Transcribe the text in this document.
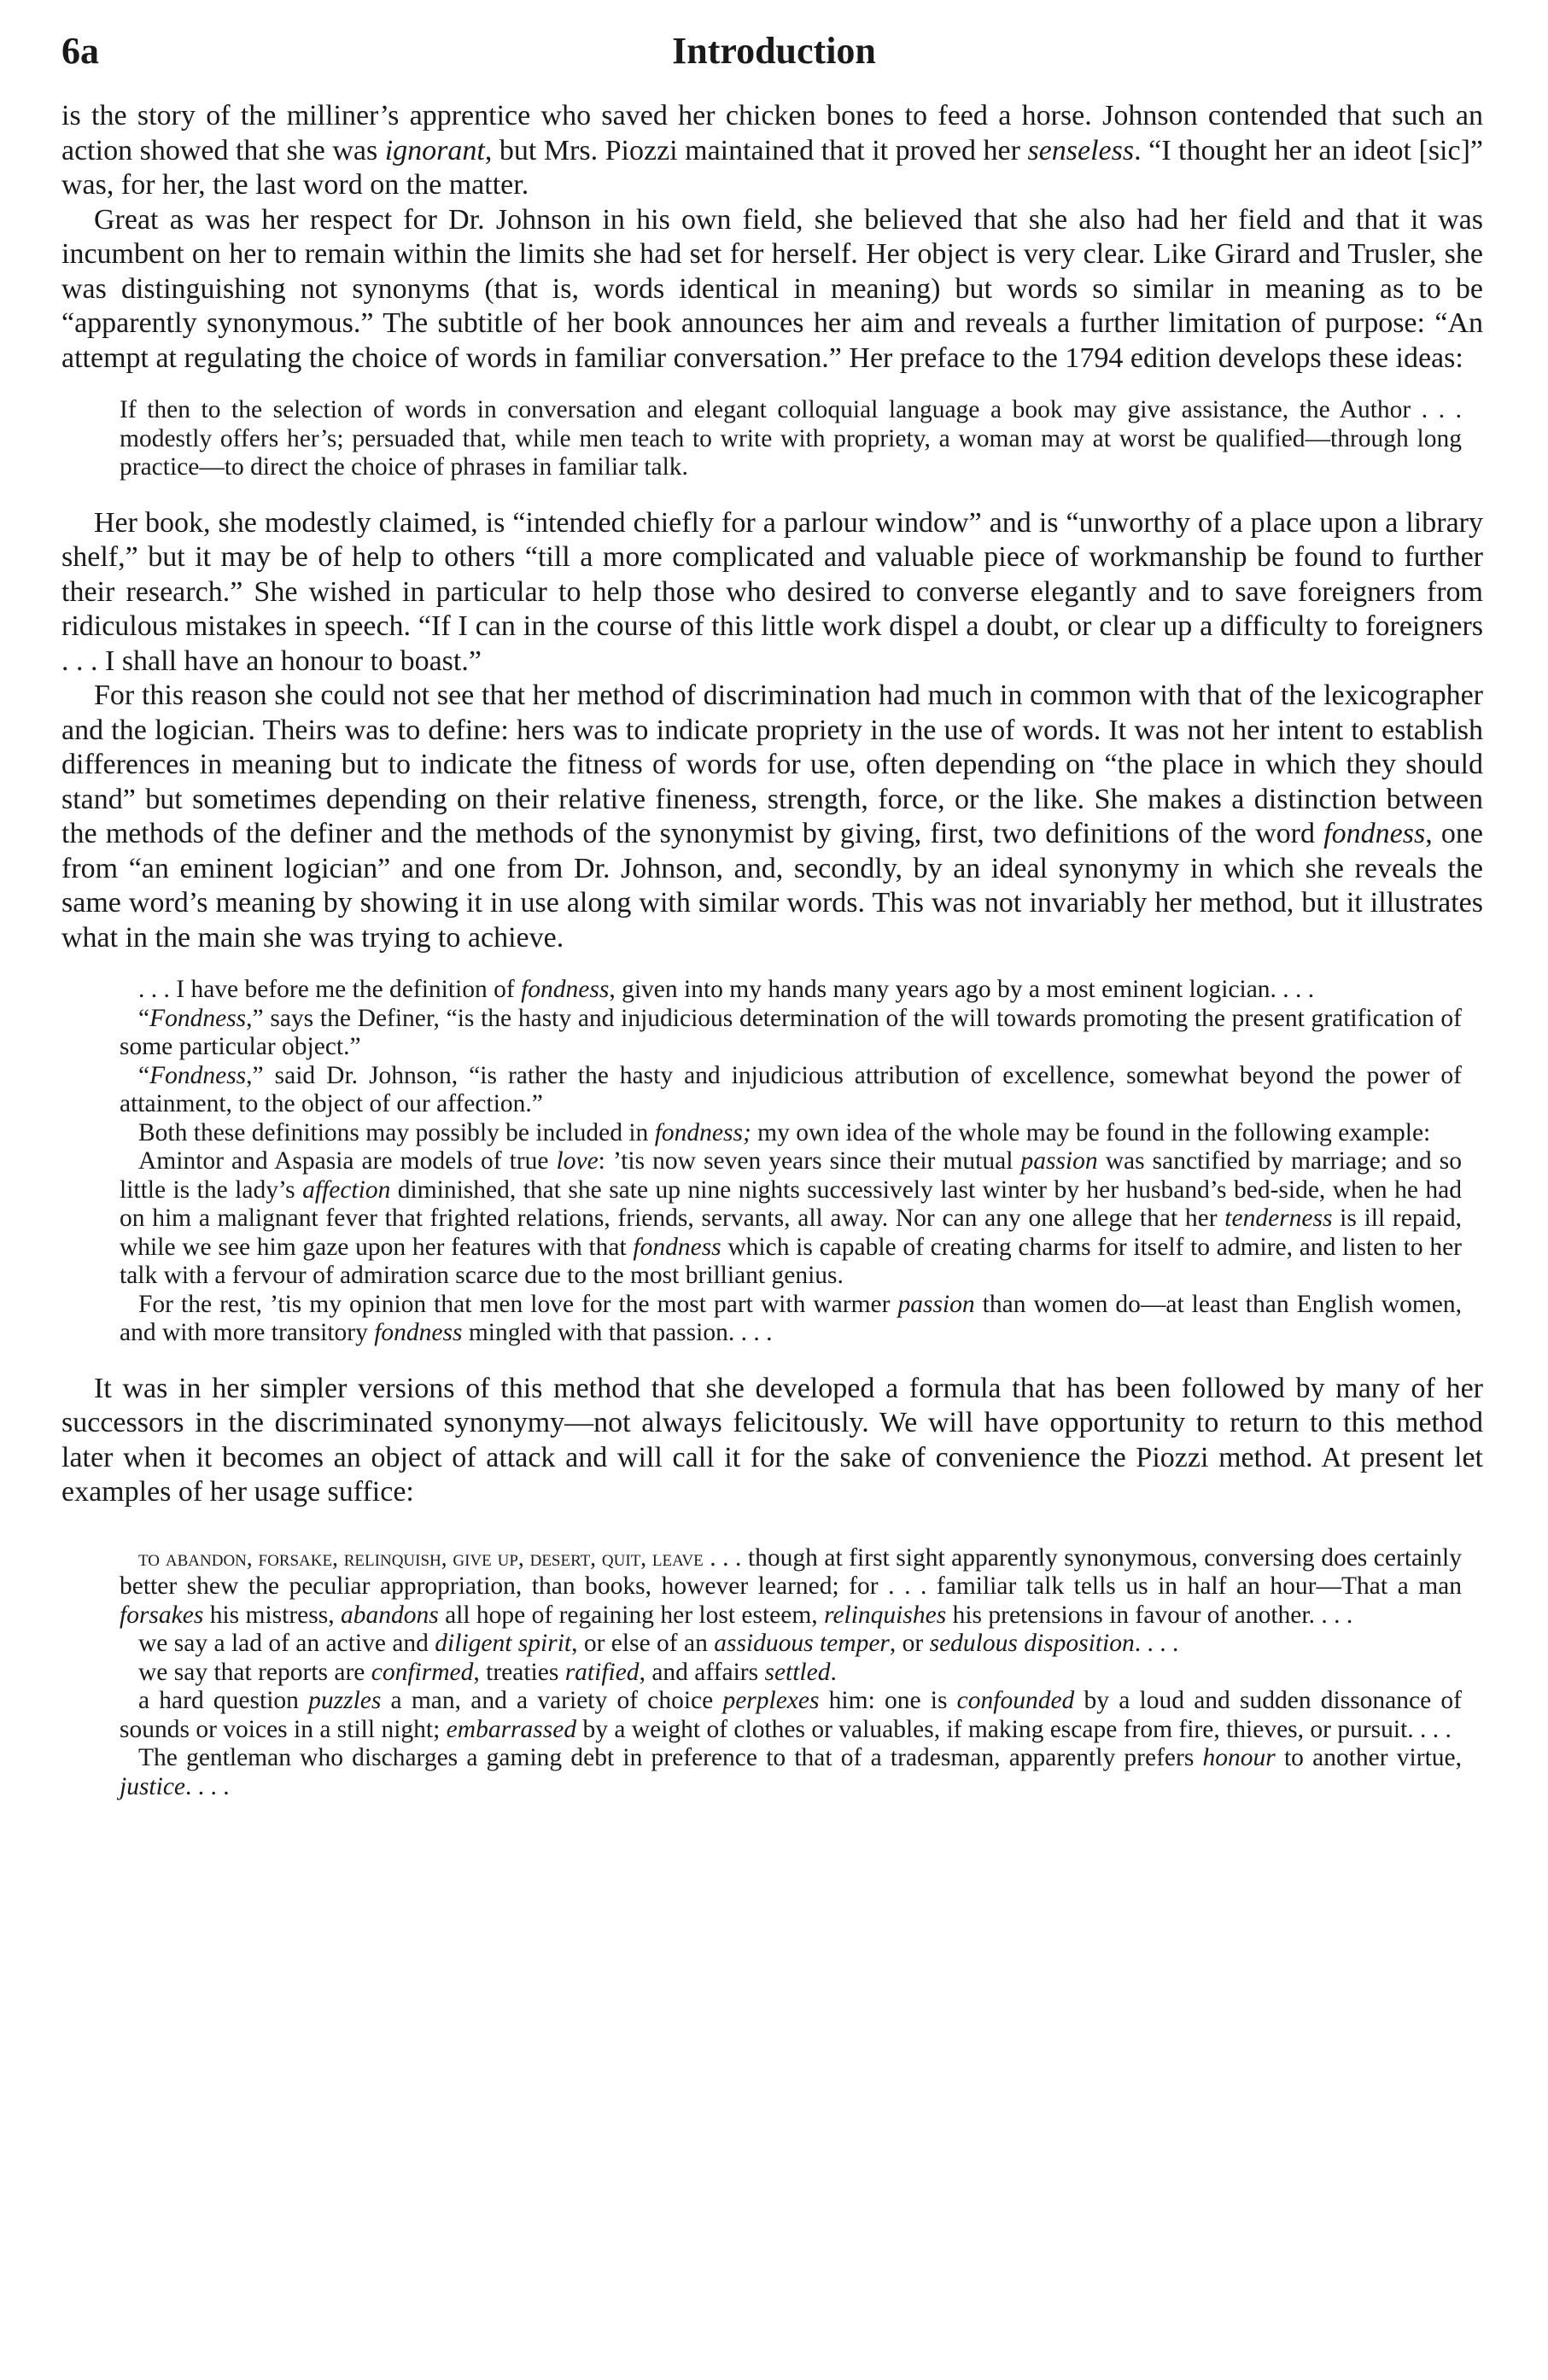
6a	Introduction

is the story of the milliner’s apprentice who saved her chicken bones to feed a horse. Johnson contended that such an action showed that she was ignorant, but Mrs. Piozzi maintained that it proved her senseless. “I thought her an ideot [sic]” was, for her, the last word on the matter.

Great as was her respect for Dr. Johnson in his own field, she believed that she also had her field and that it was incumbent on her to remain within the limits she had set for herself. Her object is very clear. Like Girard and Trusler, she was distinguishing not synonyms (that is, words identical in meaning) but words so similar in meaning as to be “apparently synonymous.” The subtitle of her book announces her aim and reveals a further limitation of purpose: “An attempt at regulating the choice of words in familiar conversation.” Her preface to the 1794 edition develops these ideas:

If then to the selection of words in conversation and elegant colloquial language a book may give assistance, the Author . . . modestly offers her’s; persuaded that, while men teach to write with propriety, a woman may at worst be qualified—through long practice—to direct the choice of phrases in familiar talk.

Her book, she modestly claimed, is “intended chiefly for a parlour window” and is “unworthy of a place upon a library shelf,” but it may be of help to others “till a more complicated and valuable piece of workmanship be found to further their research.” She wished in particular to help those who desired to converse elegantly and to save foreigners from ridiculous mistakes in speech. “If I can in the course of this little work dispel a doubt, or clear up a difficulty to foreigners . . . I shall have an honour to boast.”

For this reason she could not see that her method of discrimination had much in common with that of the lexicographer and the logician. Theirs was to define: hers was to indicate propriety in the use of words. It was not her intent to establish differences in meaning but to indicate the fitness of words for use, often depending on “the place in which they should stand” but sometimes depending on their relative fineness, strength, force, or the like. She makes a distinction between the methods of the definer and the methods of the synonymist by giving, first, two definitions of the word fondness, one from “an eminent logician” and one from Dr. Johnson, and, secondly, by an ideal synonymy in which she reveals the same word’s meaning by showing it in use along with similar words. This was not invariably her method, but it illustrates what in the main she was trying to achieve.

. . . I have before me the definition of fondness, given into my hands many years ago by a most eminent logician. . . .

“Fondness,” says the Definer, “is the hasty and injudicious determination of the will towards promoting the present gratification of some particular object.”

“Fondness,” said Dr. Johnson, “is rather the hasty and injudicious attribution of excellence, somewhat beyond the power of attainment, to the object of our affection.”

Both these definitions may possibly be included in fondness; my own idea of the whole may be found in the following example:

Amintor and Aspasia are models of true love: ’tis now seven years since their mutual passion was sanctified by marriage; and so little is the lady’s affection diminished, that she sate up nine nights successively last winter by her husband’s bed-side, when he had on him a malignant fever that frighted relations, friends, servants, all away. Nor can any one allege that her tenderness is ill repaid, while we see him gaze upon her features with that fondness which is capable of creating charms for itself to admire, and listen to her talk with a fervour of admiration scarce due to the most brilliant genius.

For the rest, ’tis my opinion that men love for the most part with warmer passion than women do—at least than English women, and with more transitory fondness mingled with that passion. . . .

It was in her simpler versions of this method that she developed a formula that has been followed by many of her successors in the discriminated synonymy—not always felicitously. We will have opportunity to return to this method later when it becomes an object of attack and will call it for the sake of convenience the Piozzi method. At present let examples of her usage suffice:

to abandon, forsake, relinquish, give up, desert, quit, leave . . . though at first sight apparently synonymous, conversing does certainly better shew the peculiar appropriation, than books, however learned; for . . . familiar talk tells us in half an hour—That a man forsakes his mistress, abandons all hope of regaining her lost esteem, relinquishes his pretensions in favour of another. . . .

we say a lad of an active and diligent spirit, or else of an assiduous temper, or sedulous disposition. . . .

we say that reports are confirmed, treaties ratified, and affairs settled.

a hard question puzzles a man, and a variety of choice perplexes him: one is confounded by a loud and sudden dissonance of sounds or voices in a still night; embarrassed by a weight of clothes or valuables, if making escape from fire, thieves, or pursuit. . . .

The gentleman who discharges a gaming debt in preference to that of a tradesman, apparently prefers honour to another virtue, justice. . . .
